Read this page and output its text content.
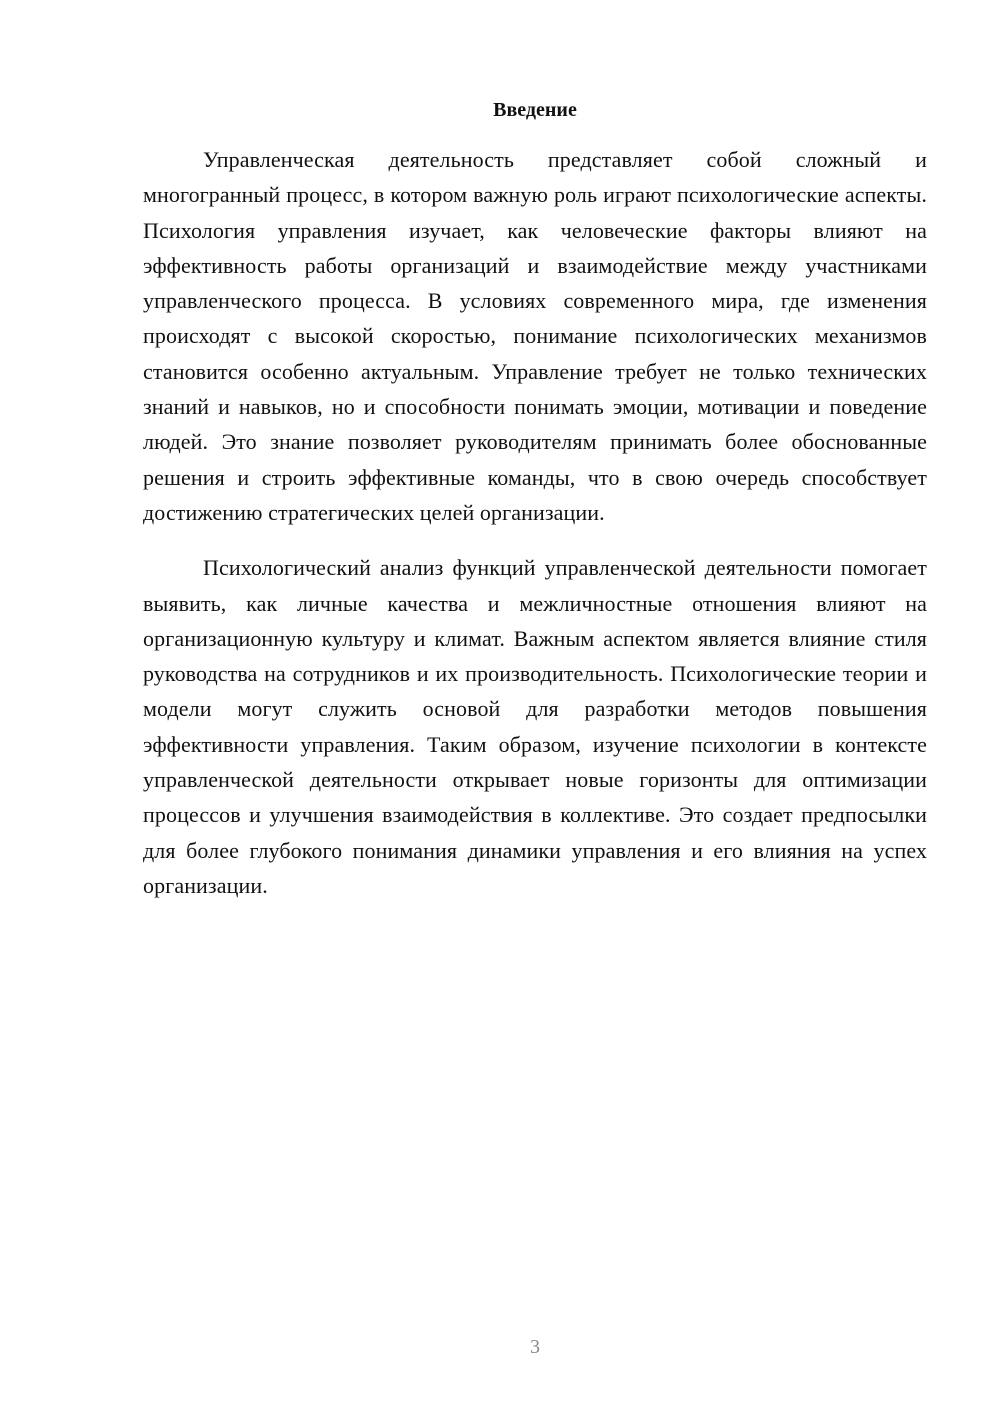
Введение

Управленческая деятельность представляет собой сложный и многогранный процесс, в котором важную роль играют психологические аспекты. Психология управления изучает, как человеческие факторы влияют на эффективность работы организаций и взаимодействие между участниками управленческого процесса. В условиях современного мира, где изменения происходят с высокой скоростью, понимание психологических механизмов становится особенно актуальным. Управление требует не только технических знаний и навыков, но и способности понимать эмоции, мотивации и поведение людей. Это знание позволяет руководителям принимать более обоснованные решения и строить эффективные команды, что в свою очередь способствует достижению стратегических целей организации.

Психологический анализ функций управленческой деятельности помогает выявить, как личные качества и межличностные отношения влияют на организационную культуру и климат. Важным аспектом является влияние стиля руководства на сотрудников и их производительность. Психологические теории и модели могут служить основой для разработки методов повышения эффективности управления. Таким образом, изучение психологии в контексте управленческой деятельности открывает новые горизонты для оптимизации процессов и улучшения взаимодействия в коллективе. Это создает предпосылки для более глубокого понимания динамики управления и его влияния на успех организации.

3
